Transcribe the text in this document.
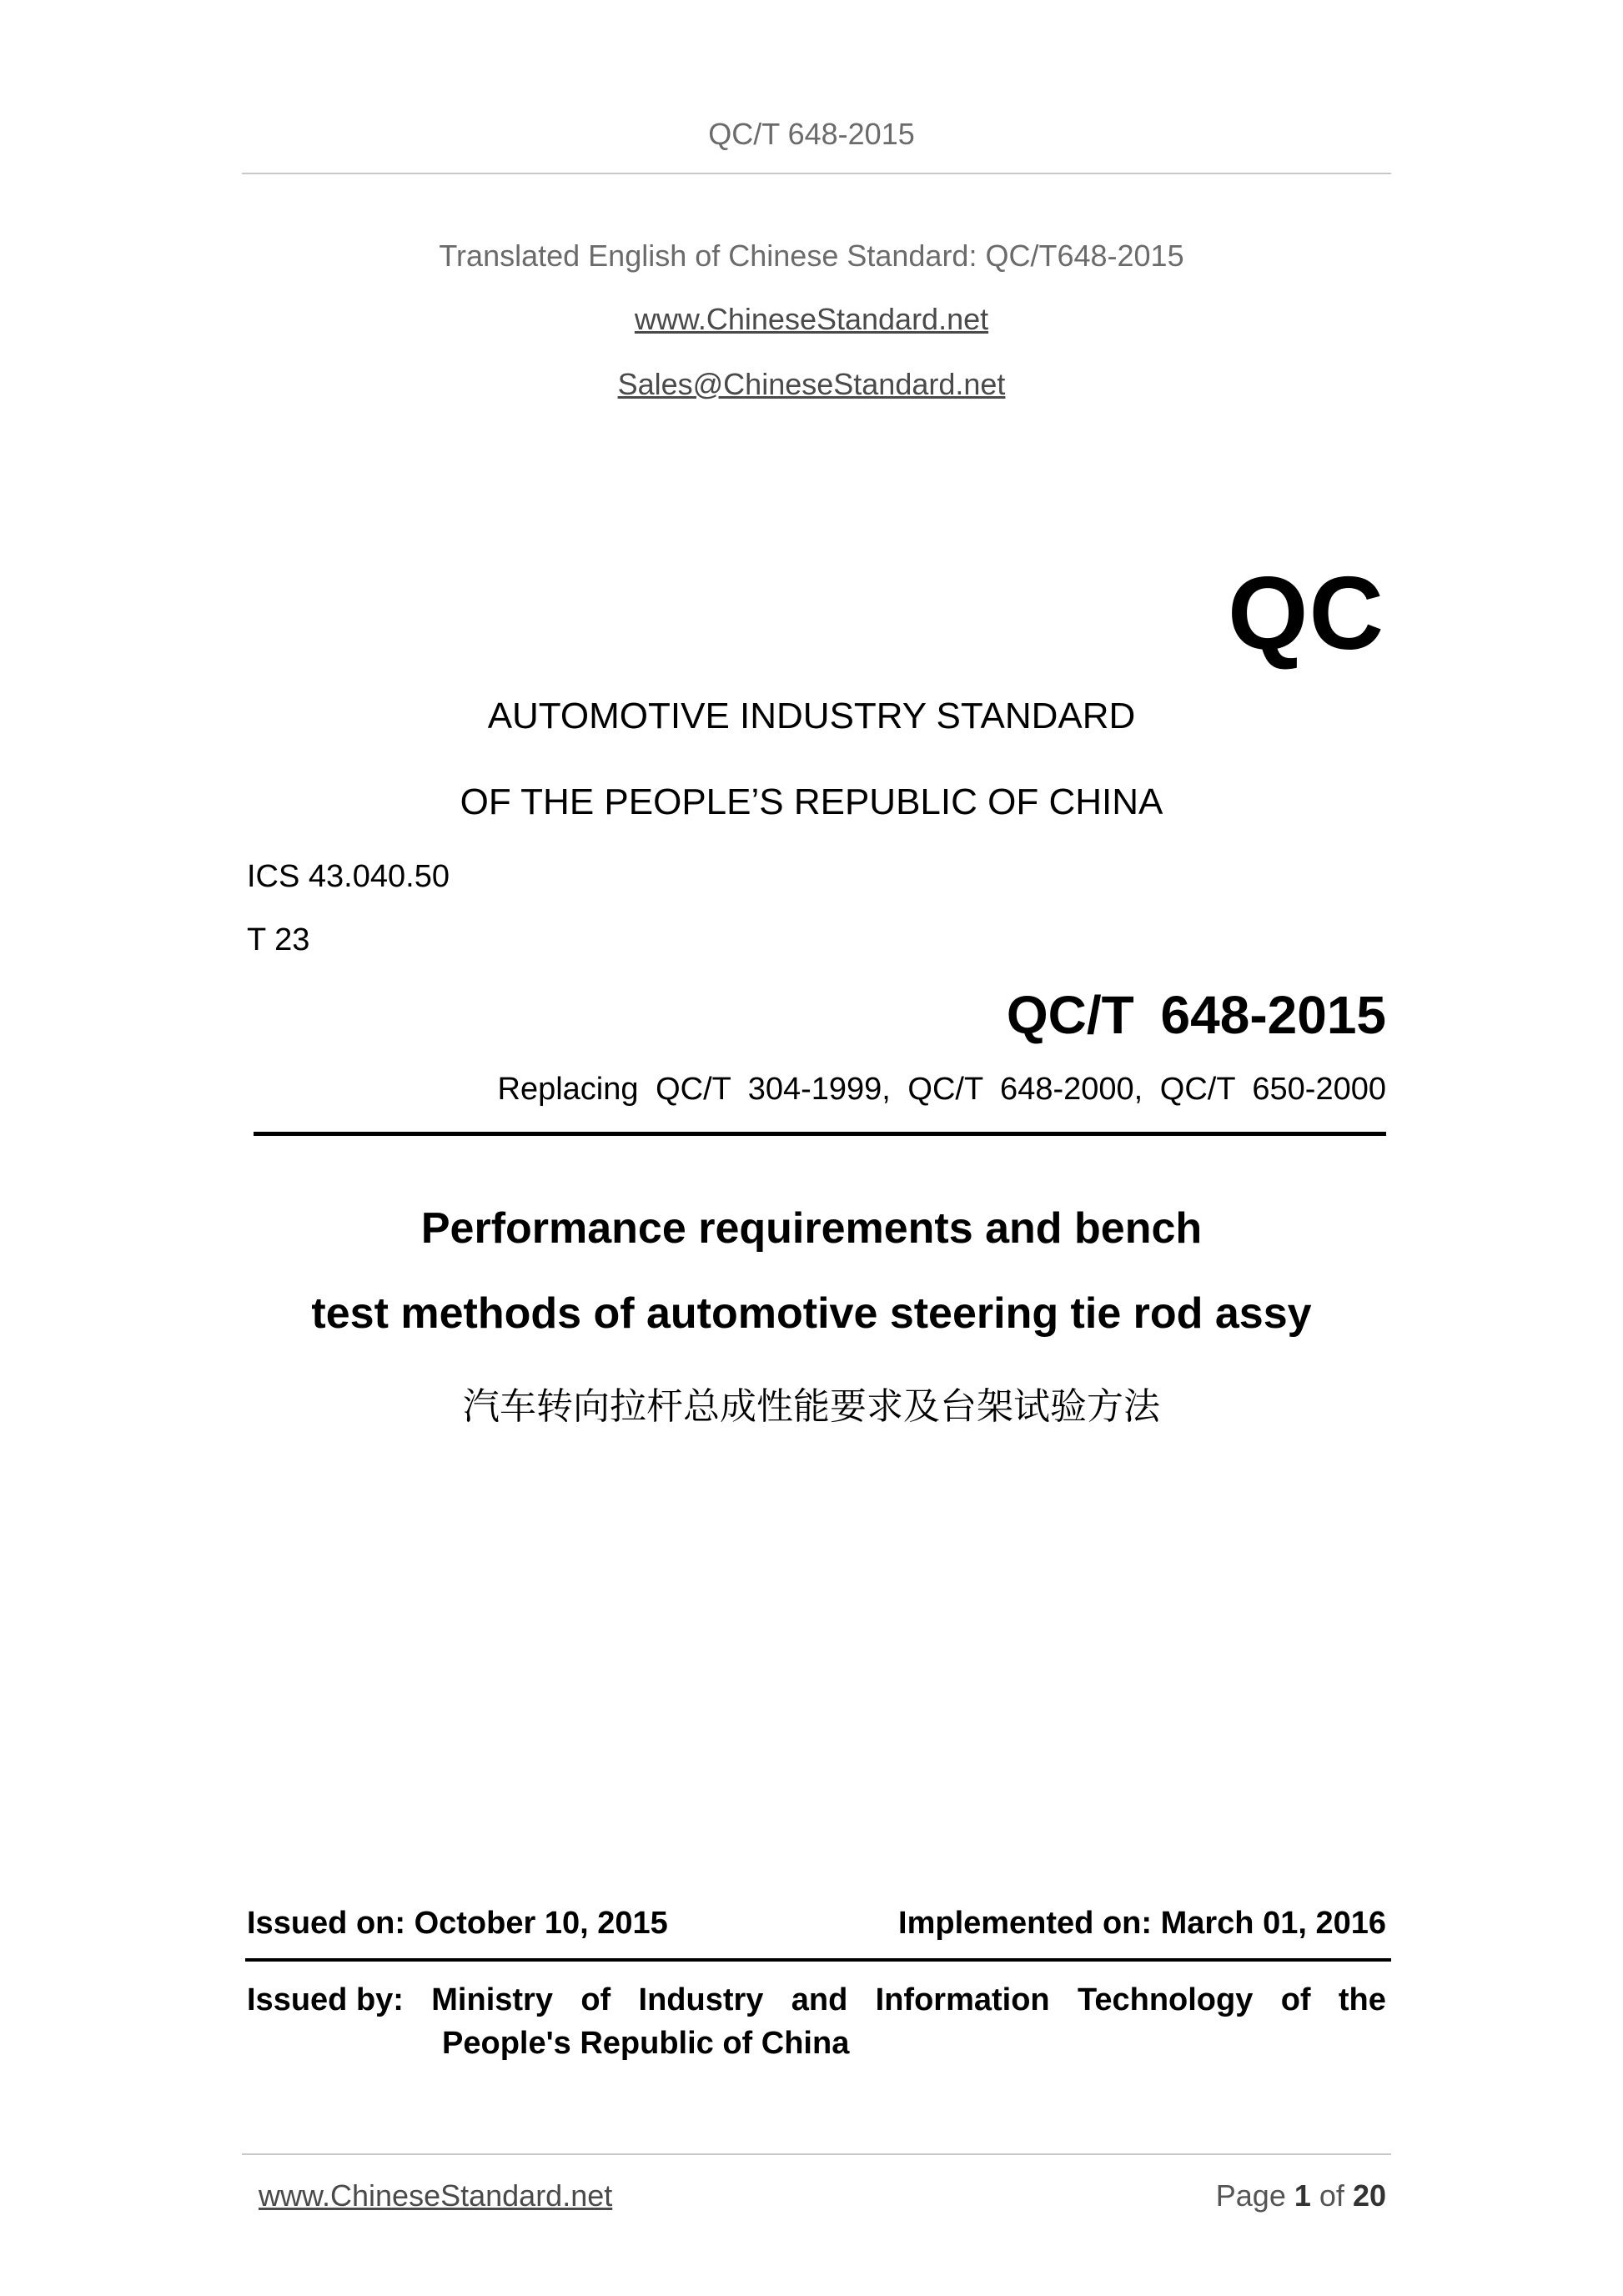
QC/T 648-2015
Translated English of Chinese Standard: QC/T648-2015
www.ChineseStandard.net
Sales@ChineseStandard.net
QC
AUTOMOTIVE INDUSTRY STANDARD
OF THE PEOPLE’S REPUBLIC OF CHINA
ICS 43.040.50
T 23
QC/T 648-2015
Replacing QC/T 304-1999, QC/T 648-2000, QC/T 650-2000
Performance requirements and bench
test methods of automotive steering tie rod assy
汽车转向拉杆总成性能要求及台架试验方法
Issued on: October 10, 2015	Implemented on: March 01, 2016
Issued by: Ministry of Industry and Information Technology of the
People's Republic of China
www.ChineseStandard.net	Page 1 of 20
